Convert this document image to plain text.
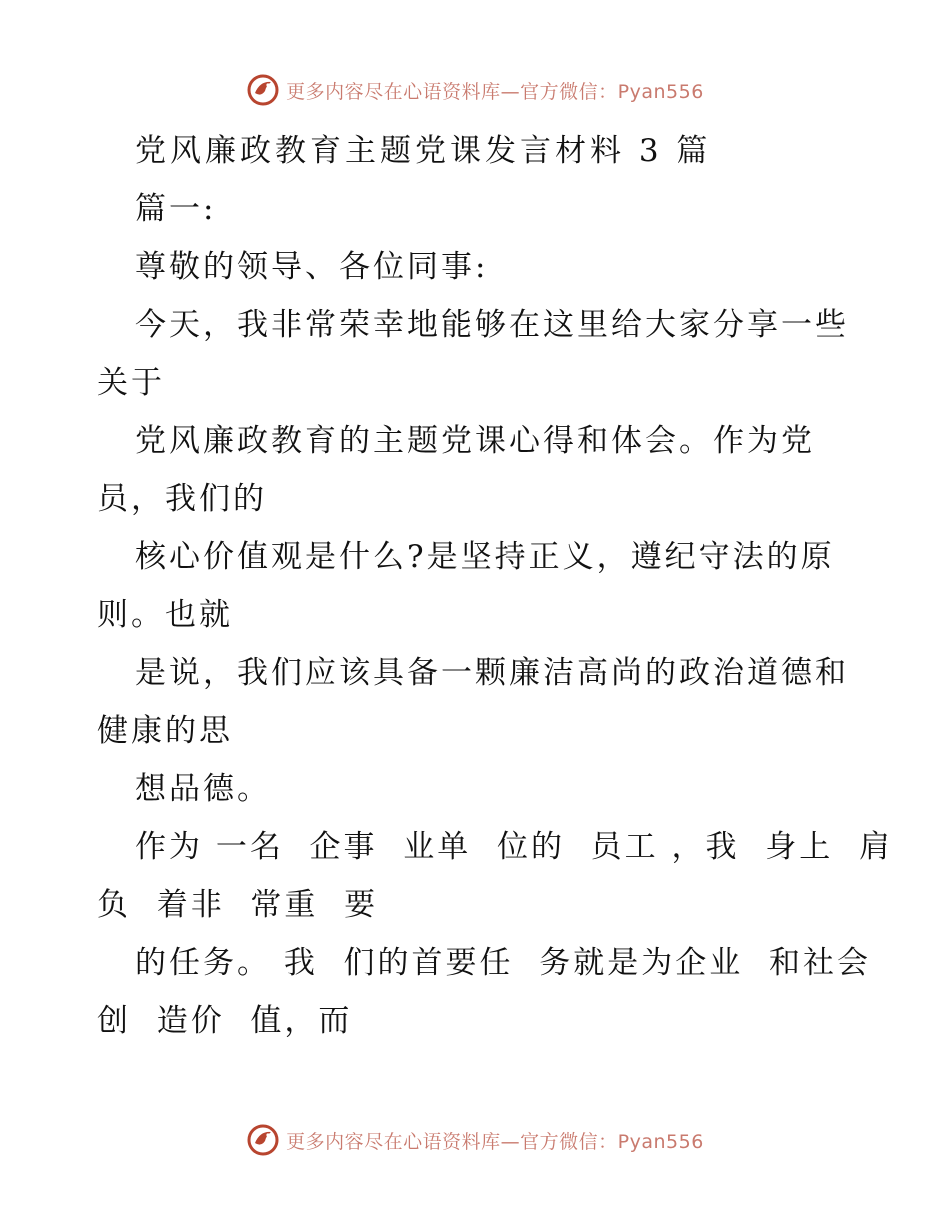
更多内容尽在心语资料库—官方微信：Pyan556
党风廉政教育主题党课发言材料 3 篇
篇一:
尊敬的领导、各位同事:
今天，我非常荣幸地能够在这里给大家分享一些
关于
党风廉政教育的主题党课心得和体会。作为党
员，我们的
核心价值观是什么?是坚持正义，遵纪守法的原
则。也就
是说，我们应该具备一颗廉洁高尚的政治道德和
健康的思
想品德。
作为 一名  企事  业单  位的  员工 ，我  身上  肩
负  着非  常重  要
的任务。 我  们的首要任  务就是为企业  和社会
创  造价  值，而
更多内容尽在心语资料库—官方微信：Pyan556
